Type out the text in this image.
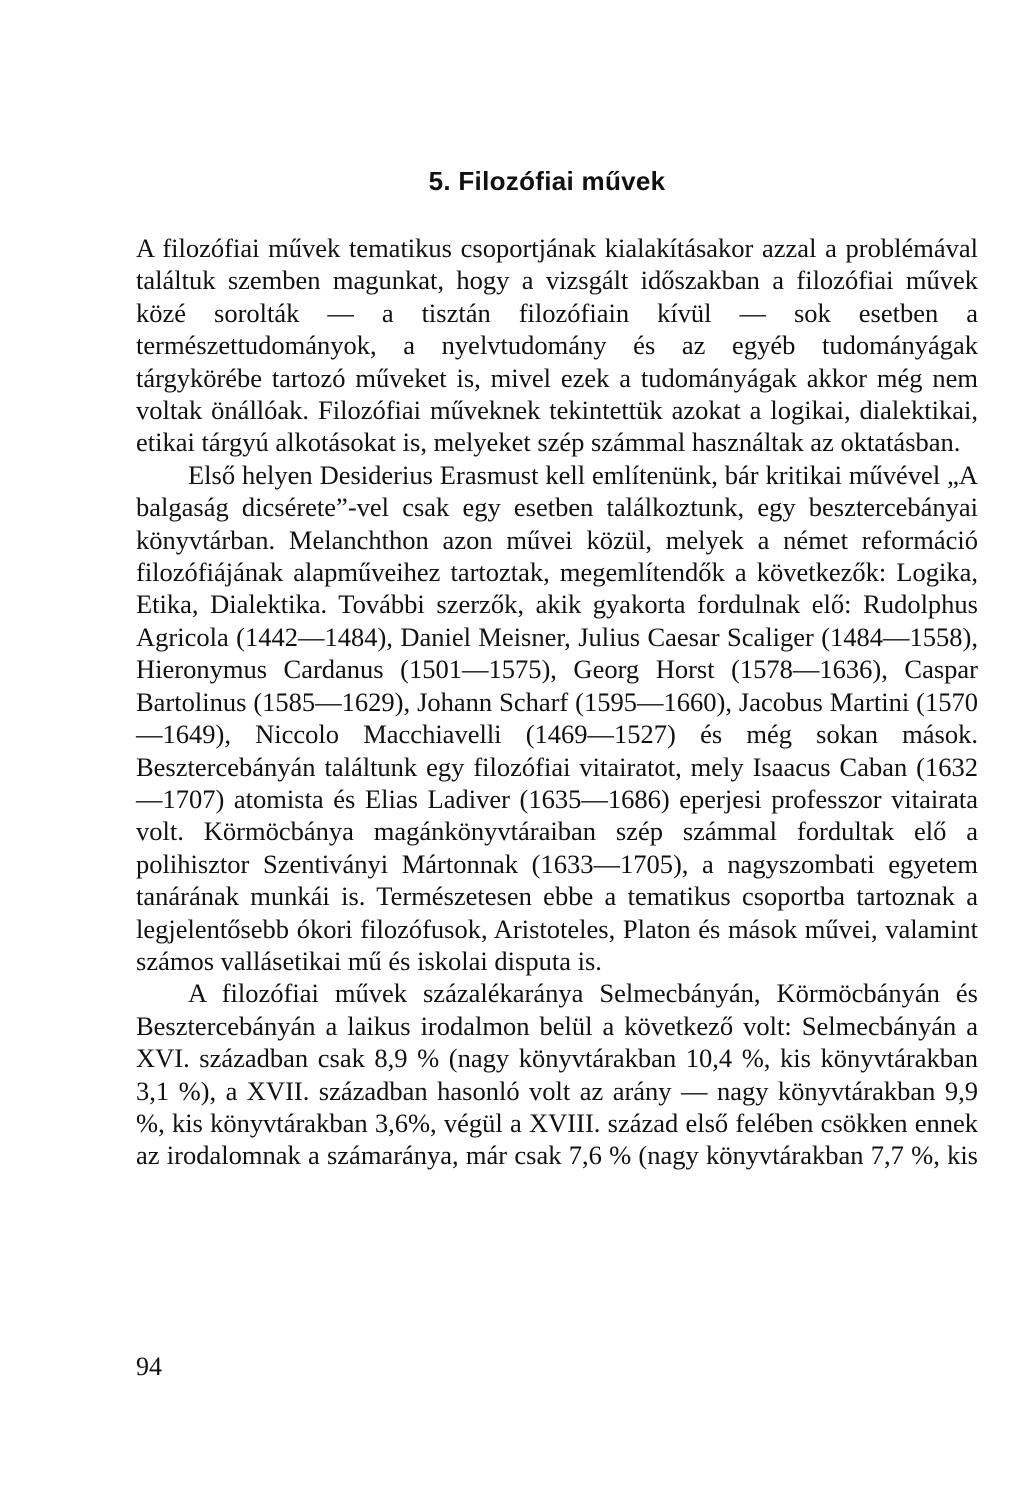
5. Filozófiai művek

A filozófiai művek tematikus csoportjának kialakításakor azzal a problémával találtuk szemben magunkat, hogy a vizsgált időszakban a filozófiai művek közé sorolták — a tisztán filozófiain kívül — sok esetben a természettudományok, a nyelvtudomány és az egyéb tudományágak tárgykörébe tartozó műveket is, mivel ezek a tudományágak akkor még nem voltak önállóak. Filozófiai műveknek tekintettük azokat a logikai, dialektikai, etikai tárgyú alkotásokat is, melyeket szép számmal használtak az oktatásban.

Első helyen Desiderius Erasmust kell említenünk, bár kritikai művével „A balgaság dicsérete”-vel csak egy esetben találkoztunk, egy besztercebányai könyvtárban. Melanchthon azon művei közül, melyek a német reformáció filozófiájának alapműveihez tartoztak, megemlítendők a következők: Logika, Etika, Dialektika. További szerzők, akik gyakorta fordulnak elő: Rudolphus Agricola (1442—1484), Daniel Meisner, Julius Caesar Scaliger (1484—1558), Hieronymus Cardanus (1501—1575), Georg Horst (1578—1636), Caspar Bartolinus (1585—1629), Johann Scharf (1595—1660), Jacobus Martini (1570—1649), Niccolo Macchiavelli (1469—1527) és még sokan mások. Besztercebányán találtunk egy filozófiai vitairatot, mely Isaacus Caban (1632—1707) atomista és Elias Ladiver (1635—1686) eperjesi professzor vitairata volt. Körmöcbánya magánkönyvtáraiban szép számmal fordultak elő a polihisztor Szentiványi Mártonnak (1633—1705), a nagyszombati egyetem tanárának munkái is. Természetesen ebbe a tematikus csoportba tartoznak a legjelentősebb ókori filozófusok, Aristoteles, Platon és mások művei, valamint számos vallásetikai mű és iskolai disputa is.

A filozófiai művek százalékaránya Selmecbányán, Körmöcbányán és Besztercebányán a laikus irodalmon belül a következő volt: Selmecbányán a XVI. században csak 8,9 % (nagy könyvtárakban 10,4 %, kis könyvtárakban 3,1 %), a XVII. században hasonló volt az arány — nagy könyvtárakban 9,9 %, kis könyvtárakban 3,6%, végül a XVIII. század első felében csökken ennek az irodalomnak a számaránya, már csak 7,6 % (nagy könyvtárakban 7,7 %, kis

94
